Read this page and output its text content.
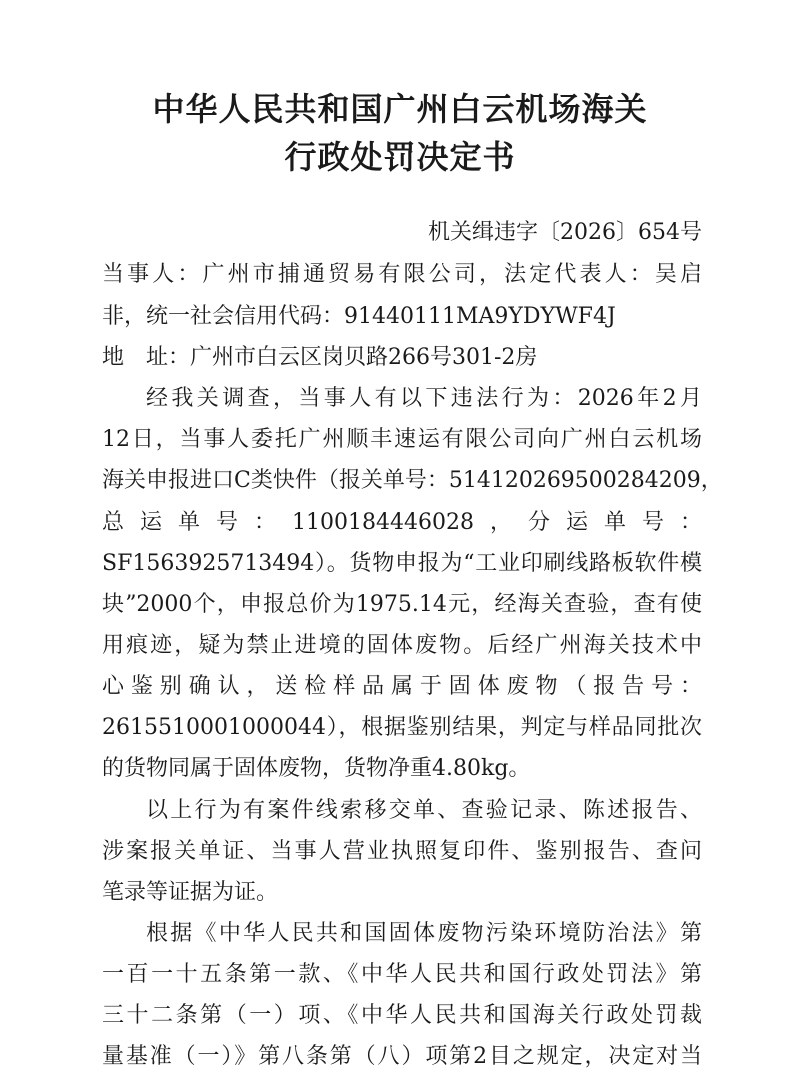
中华人民共和国广州白云机场海关
行政处罚决定书
机关缉违字〔2026〕654号
当事人：广州市捕通贸易有限公司，法定代表人：吴启
非，统一社会信用代码：91440111MA9YDYWF4J
地　址：广州市白云区岗贝路266号301-2房
经我关调查，当事人有以下违法行为：2026年2月
12日，当事人委托广州顺丰速运有限公司向广州白云机场
海关申报进口C类快件（报关单号：514120269500284209，
总运单号：1100184446028，分运单号：
SF1563925713494）。货物申报为“工业印刷线路板软件模
块”2000个，申报总价为1975.14元，经海关查验，查有使
用痕迹，疑为禁止进境的固体废物。后经广州海关技术中
心鉴别确认，送检样品属于固体废物（报告号：
2615510001000044），根据鉴别结果，判定与样品同批次
的货物同属于固体废物，货物净重4.80kg。
以上行为有案件线索移交单、查验记录、陈述报告、
涉案报关单证、当事人营业执照复印件、鉴别报告、查问
笔录等证据为证。
根据《中华人民共和国固体废物污染环境防治法》第
一百一十五条第一款、《中华人民共和国行政处罚法》第
三十二条第（一）项、《中华人民共和国海关行政处罚裁
量基准（一）》第八条第（八）项第2目之规定，决定对当
